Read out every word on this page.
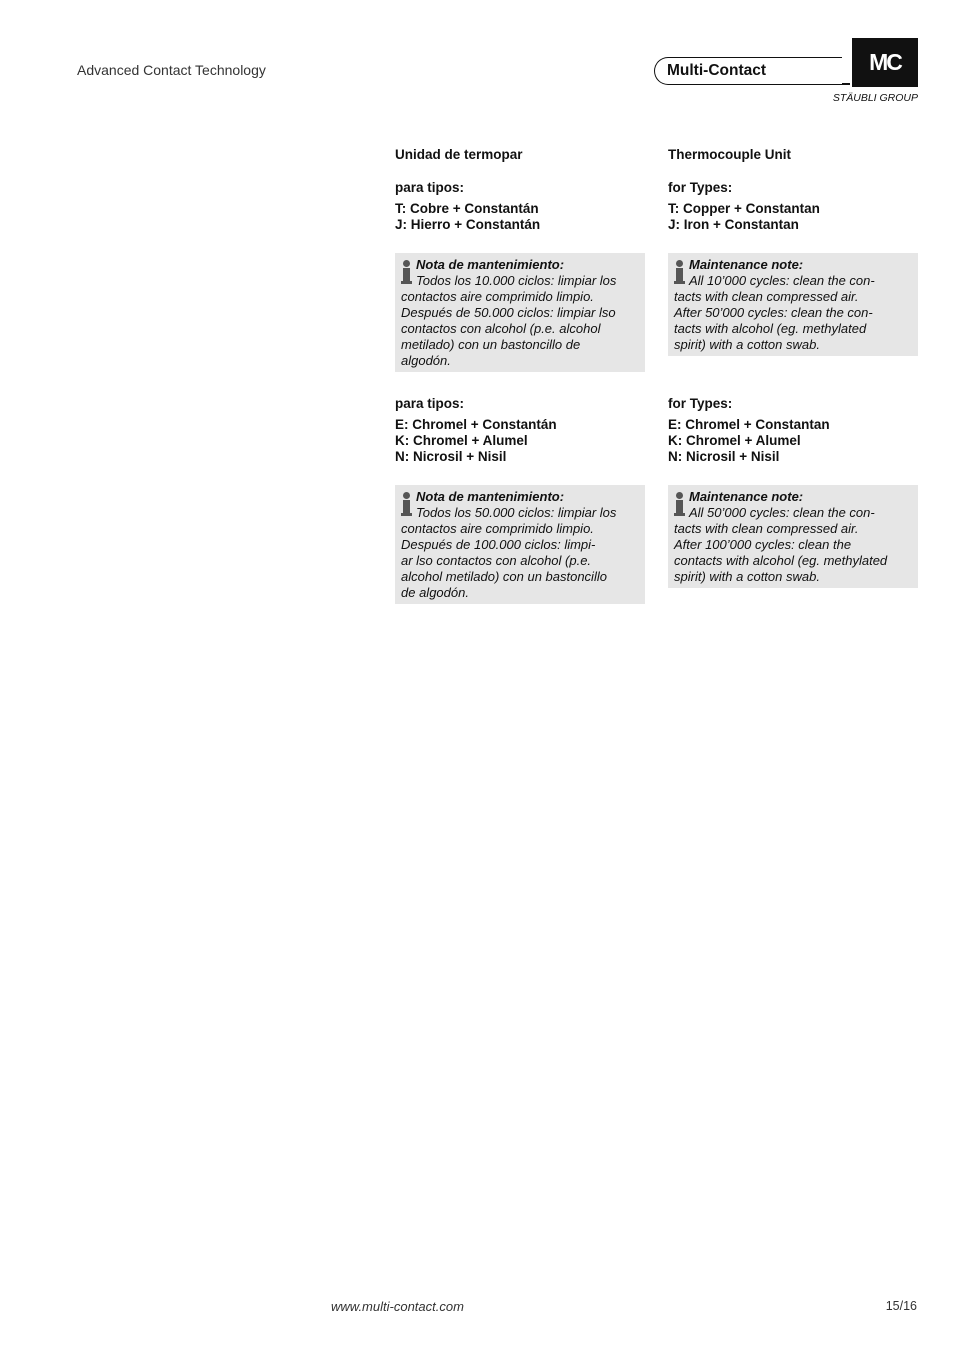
Advanced Contact Technology	Multi-Contact	MC
STÄUBLI GROUP
Unidad de termopar
para tipos:
T: Cobre + Constantán
J: Hierro + Constantán
Nota de mantenimiento:
Todos los 10.000 ciclos: limpiar los
contactos aire comprimido limpio.
Después de 50.000 ciclos: limpiar lso
contactos con alcohol (p.e. alcohol
metilado) con un bastoncillo de
algodón.
para tipos:
E: Chromel + Constantán
K: Chromel + Alumel
N: Nicrosil + Nisil
Nota de mantenimiento:
Todos los 50.000 ciclos: limpiar los
contactos aire comprimido limpio.
Después de 100.000 ciclos: limpi-
ar lso contactos con alcohol (p.e.
alcohol metilado) con un bastoncillo
de algodón.
Thermocouple Unit
for Types:
T: Copper + Constantan
J: Iron + Constantan
Maintenance note:
All 10’000 cycles: clean the con-
tacts with clean compressed air.
After 50’000 cycles: clean the con-
tacts with alcohol (eg. methylated
spirit) with a cotton swab.
for Types:
E: Chromel + Constantan
K: Chromel + Alumel
N: Nicrosil + Nisil
Maintenance note:
All 50’000 cycles: clean the con-
tacts with clean compressed air.
After 100’000 cycles: clean the
contacts with alcohol (eg. methylated
spirit) with a cotton swab.
www.multi-contact.com	15/16
